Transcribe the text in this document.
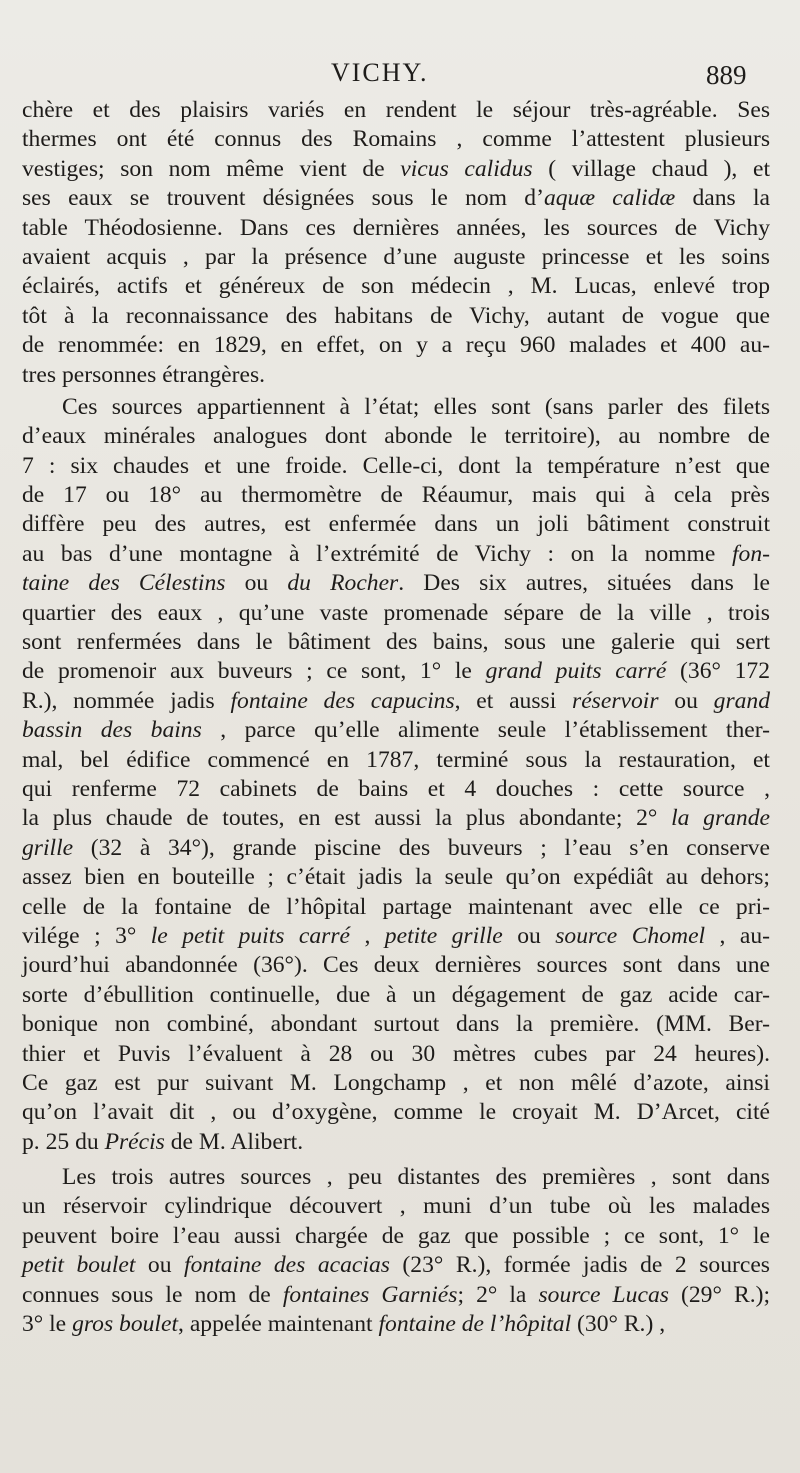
VICHY.	889
chère et des plaisirs variés en rendent le séjour très-agréable. Ses
thermes ont été connus des Romains , comme l’attestent plusieurs
vestiges; son nom même vient de vicus calidus ( village chaud ), et
ses eaux se trouvent désignées sous le nom d’aquæ calidæ dans la
table Théodosienne. Dans ces dernières années, les sources de Vichy
avaient acquis , par la présence d’une auguste princesse et les soins
éclairés, actifs et généreux de son médecin , M. Lucas, enlevé trop
tôt à la reconnaissance des habitans de Vichy, autant de vogue que
de renommée: en 1829, en effet, on y a reçu 960 malades et 400 au-
tres personnes étrangères.
Ces sources appartiennent à l’état; elles sont (sans parler des filets
d’eaux minérales analogues dont abonde le territoire), au nombre de
7 : six chaudes et une froide. Celle-ci, dont la température n’est que
de 17 ou 18° au thermomètre de Réaumur, mais qui à cela près
diffère peu des autres, est enfermée dans un joli bâtiment construit
au bas d’une montagne à l’extrémité de Vichy : on la nomme fon-
taine des Célestins ou du Rocher. Des six autres, situées dans le
quartier des eaux , qu’une vaste promenade sépare de la ville , trois
sont renfermées dans le bâtiment des bains, sous une galerie qui sert
de promenoir aux buveurs ; ce sont, 1° le grand puits carré (36° 172
R.), nommée jadis fontaine des capucins, et aussi réservoir ou grand
bassin des bains , parce qu’elle alimente seule l’établissement ther-
mal, bel édifice commencé en 1787, terminé sous la restauration, et
qui renferme 72 cabinets de bains et 4 douches : cette source ,
la plus chaude de toutes, en est aussi la plus abondante; 2° la grande
grille (32 à 34°), grande piscine des buveurs ; l’eau s’en conserve
assez bien en bouteille ; c’était jadis la seule qu’on expédiât au dehors;
celle de la fontaine de l’hôpital partage maintenant avec elle ce pri-
vilége ; 3° le petit puits carré , petite grille ou source Chomel , au-
jourd’hui abandonnée (36°). Ces deux dernières sources sont dans une
sorte d’ébullition continuelle, due à un dégagement de gaz acide car-
bonique non combiné, abondant surtout dans la première. (MM. Ber-
thier et Puvis l’évaluent à 28 ou 30 mètres cubes par 24 heures).
Ce gaz est pur suivant M. Longchamp , et non mêlé d’azote, ainsi
qu’on l’avait dit , ou d’oxygène, comme le croyait M. D’Arcet, cité
p. 25 du Précis de M. Alibert.
Les trois autres sources , peu distantes des premières , sont dans
un réservoir cylindrique découvert , muni d’un tube où les malades
peuvent boire l’eau aussi chargée de gaz que possible ; ce sont, 1° le
petit boulet ou fontaine des acacias (23° R.), formée jadis de 2 sources
connues sous le nom de fontaines Garniés; 2° la source Lucas (29° R.);
3° le gros boulet, appelée maintenant fontaine de l’hôpital (30° R.) ,
